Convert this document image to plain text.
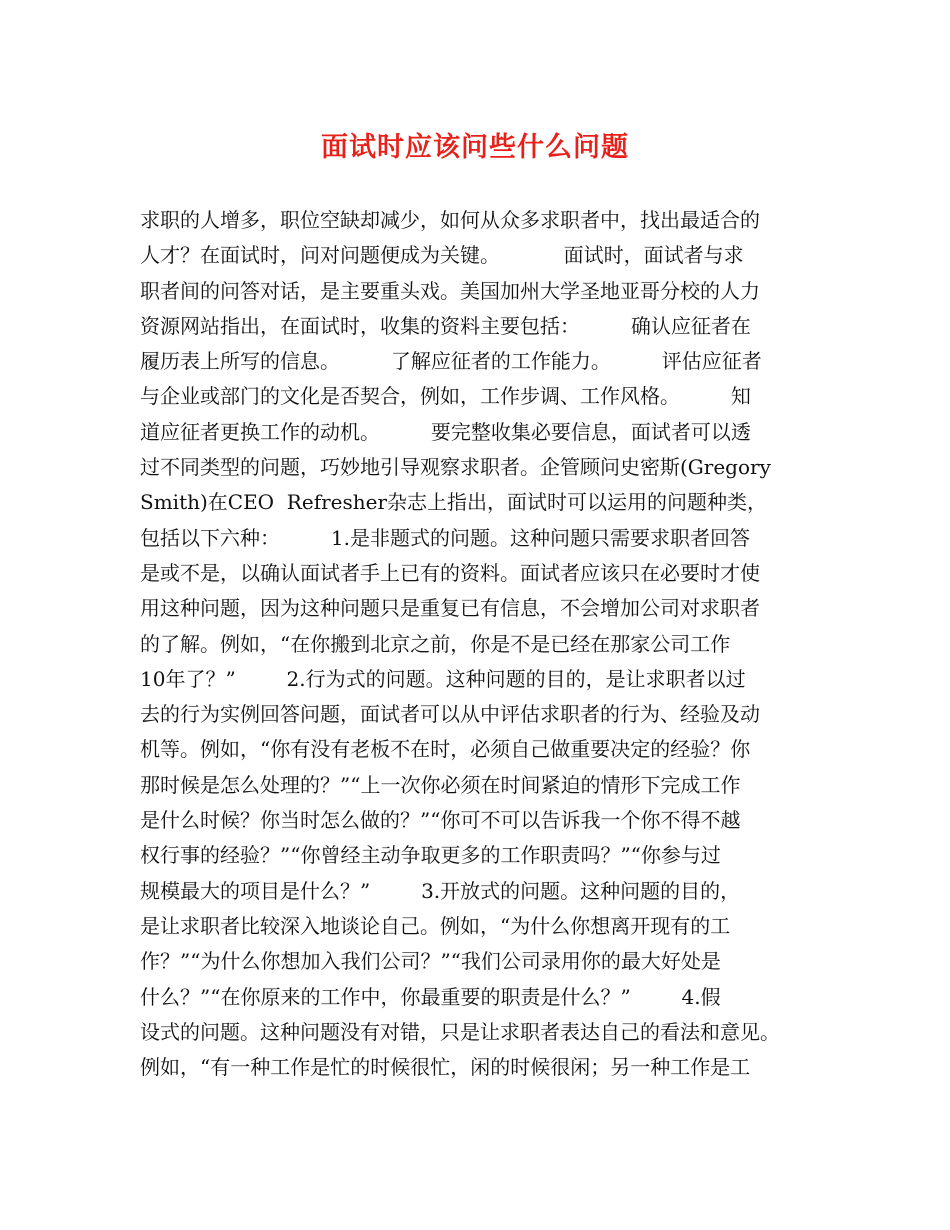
面试时应该问些什么问题
求职的人增多，职位空缺却减少，如何从众多求职者中，找出最适合的
人才？在面试时，问对问题便成为关键。          面试时，面试者与求
职者间的问答对话，是主要重头戏。美国加州大学圣地亚哥分校的人力
资源网站指出，在面试时，收集的资料主要包括：        确认应征者在
履历表上所写的信息。        了解应征者的工作能力。        评估应征者
与企业或部门的文化是否契合，例如，工作步调、工作风格。        知
道应征者更换工作的动机。        要完整收集必要信息，面试者可以透
过不同类型的问题，巧妙地引导观察求职者。企管顾问史密斯(Gregory
Smith)在CEO  Refresher杂志上指出，面试时可以运用的问题种类，
包括以下六种：        1.是非题式的问题。这种问题只需要求职者回答
是或不是，以确认面试者手上已有的资料。面试者应该只在必要时才使
用这种问题，因为这种问题只是重复已有信息，不会增加公司对求职者
的了解。例如，“在你搬到北京之前，你是不是已经在那家公司工作
10年了？”        2.行为式的问题。这种问题的目的，是让求职者以过
去的行为实例回答问题，面试者可以从中评估求职者的行为、经验及动
机等。例如，“你有没有老板不在时，必须自己做重要决定的经验？你
那时候是怎么处理的？”“上一次你必须在时间紧迫的情形下完成工作
是什么时候？你当时怎么做的？”“你可不可以告诉我一个你不得不越
权行事的经验？”“你曾经主动争取更多的工作职责吗？”“你参与过
规模最大的项目是什么？”        3.开放式的问题。这种问题的目的，
是让求职者比较深入地谈论自己。例如，“为什么你想离开现有的工
作？”“为什么你想加入我们公司？”“我们公司录用你的最大好处是
什么？”“在你原来的工作中，你最重要的职责是什么？”        4.假
设式的问题。这种问题没有对错，只是让求职者表达自己的看法和意见。
例如，“有一种工作是忙的时候很忙，闲的时候很闲；另一种工作是工
